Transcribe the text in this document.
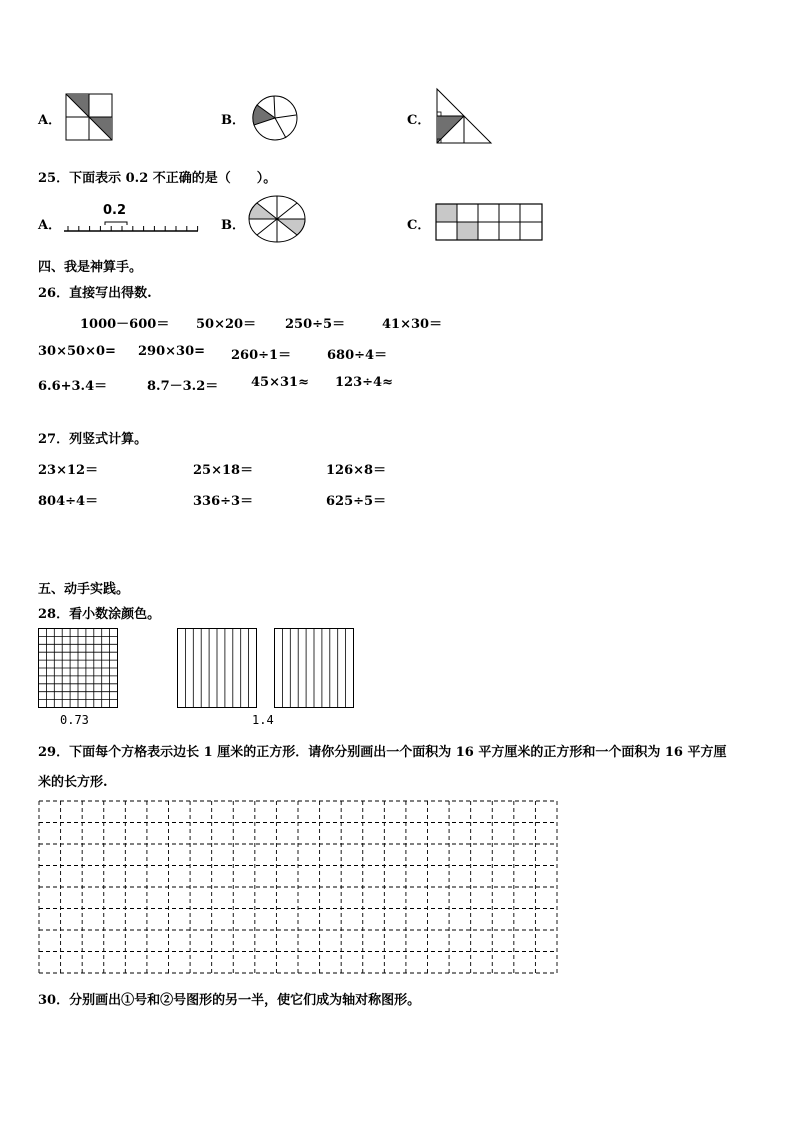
A．	B．	C．
25．下面表示 0.2 不正确的是（　　）。
A．
0.2
B．	C．
四、我是神算手。
26．直接写出得数.
1000－600＝ 50×20＝ 250÷5＝	41×30＝
30×50×0= 290×30= 260÷1＝	680÷4＝
6.6+3.4＝	8.7－3.2＝	45×31≈ 123÷4≈
27．列竖式计算。
23×12＝	25×18＝	126×8＝
804÷4＝	336÷3＝	625÷5＝
五、动手实践。
28．看小数涂颜色。
0.73	1.4
29．下面每个方格表示边长 1 厘米的正方形．请你分别画出一个面积为 16 平方厘米的正方形和一个面积为 16 平方厘
米的长方形.
30．分别画出①号和②号图形的另一半，使它们成为轴对称图形。
